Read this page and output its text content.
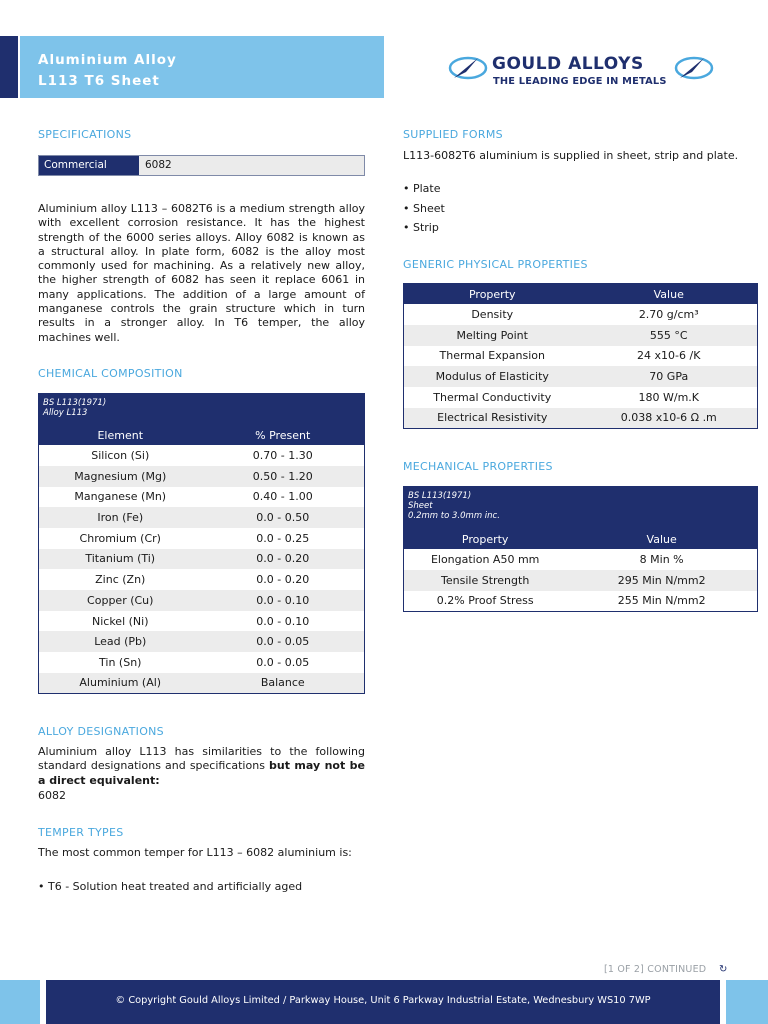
Aluminium Alloy
L113 T6 Sheet
GOULD ALLOYS
THE LEADING EDGE IN METALS
SPECIFICATIONS
Commercial	6082
Aluminium alloy L113 – 6082T6 is a medium strength alloy with excellent corrosion resistance. It has the highest strength of the 6000 series alloys. Alloy 6082 is known as a structural alloy. In plate form, 6082 is the alloy most commonly used for machining. As a relatively new alloy, the higher strength of 6082 has seen it replace 6061 in many applications. The addition of a large amount of manganese controls the grain structure which in turn results in a stronger alloy. In T6 temper, the alloy machines well.
CHEMICAL COMPOSITION
BS L113(1971)
Alloy L113
Element	% Present
Silicon (Si)	0.70 - 1.30
Magnesium (Mg)	0.50 - 1.20
Manganese (Mn)	0.40 - 1.00
Iron (Fe)	0.0 - 0.50
Chromium (Cr)	0.0 - 0.25
Titanium (Ti)	0.0 - 0.20
Zinc (Zn)	0.0 - 0.20
Copper (Cu)	0.0 - 0.10
Nickel (Ni)	0.0 - 0.10
Lead (Pb)	0.0 - 0.05
Tin (Sn)	0.0 - 0.05
Aluminium (Al)	Balance
ALLOY DESIGNATIONS
Aluminium alloy L113 has similarities to the following standard designations and specifications but may not be a direct equivalent:
6082
TEMPER TYPES
The most common temper for L113 – 6082 aluminium is:
• T6 - Solution heat treated and artificially aged
SUPPLIED FORMS
L113-6082T6 aluminium is supplied in sheet, strip and plate.
• Plate
• Sheet
• Strip
GENERIC PHYSICAL PROPERTIES
Property	Value
Density	2.70 g/cm³
Melting Point	555 °C
Thermal Expansion	24 x10-6 /K
Modulus of Elasticity	70 GPa
Thermal Conductivity	180 W/m.K
Electrical Resistivity	0.038 x10-6 Ω .m
MECHANICAL PROPERTIES
BS L113(1971)
Sheet
0.2mm to 3.0mm inc.
Property	Value
Elongation A50 mm	8 Min %
Tensile Strength	295 Min N/mm2
0.2% Proof Stress	255 Min N/mm2
[1 OF 2] CONTINUED ↻
© Copyright Gould Alloys Limited / Parkway House, Unit 6 Parkway Industrial Estate, Wednesbury WS10 7WP
